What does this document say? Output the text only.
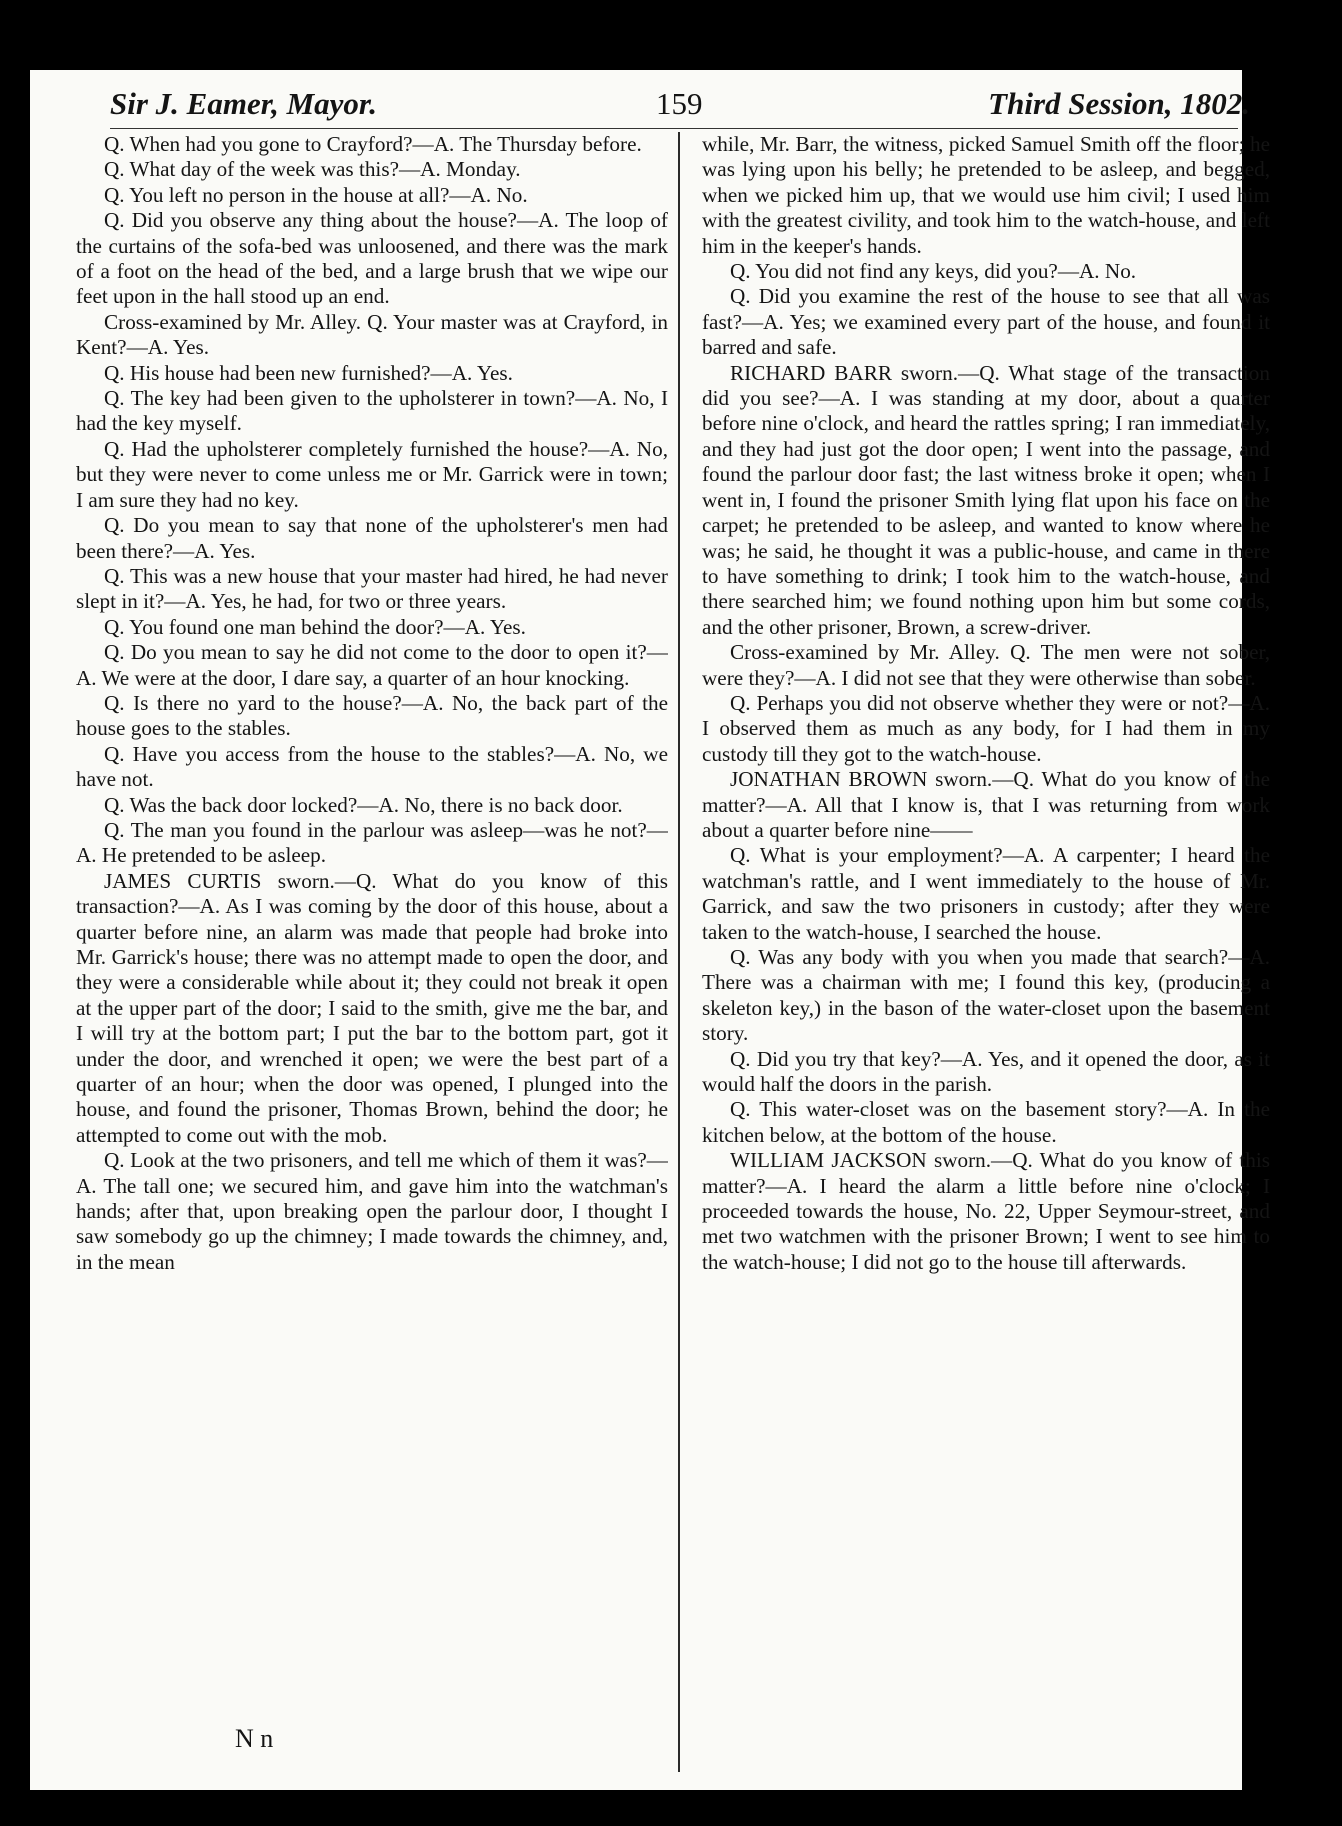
Sir J. Eamer, Mayor.	159	Third Session, 1802.

Q. When had you gone to Crayford?—A. The Thursday before.

Q. What day of the week was this?—A. Monday.

Q. You left no person in the house at all?—A. No.

Q. Did you observe any thing about the house?—A. The loop of the curtains of the sofa-bed was unloosened, and there was the mark of a foot on the head of the bed, and a large brush that we wipe our feet upon in the hall stood up an end.

Cross-examined by Mr. Alley. Q. Your master was at Crayford, in Kent?—A. Yes.

Q. His house had been new furnished?—A. Yes.

Q. The key had been given to the upholsterer in town?—A. No, I had the key myself.

Q. Had the upholsterer completely furnished the house?—A. No, but they were never to come unless me or Mr. Garrick were in town; I am sure they had no key.

Q. Do you mean to say that none of the upholsterer's men had been there?—A. Yes.

Q. This was a new house that your master had hired, he had never slept in it?—A. Yes, he had, for two or three years.

Q. You found one man behind the door?—A. Yes.

Q. Do you mean to say he did not come to the door to open it?—A. We were at the door, I dare say, a quarter of an hour knocking.

Q. Is there no yard to the house?—A. No, the back part of the house goes to the stables.

Q. Have you access from the house to the stables?—A. No, we have not.

Q. Was the back door locked?—A. No, there is no back door.

Q. The man you found in the parlour was asleep—was he not?—A. He pretended to be asleep.

JAMES CURTIS sworn.—Q. What do you know of this transaction?—A. As I was coming by the door of this house, about a quarter before nine, an alarm was made that people had broke into Mr. Garrick's house; there was no attempt made to open the door, and they were a considerable while about it; they could not break it open at the upper part of the door; I said to the smith, give me the bar, and I will try at the bottom part; I put the bar to the bottom part, got it under the door, and wrenched it open; we were the best part of a quarter of an hour; when the door was opened, I plunged into the house, and found the prisoner, Thomas Brown, behind the door; he attempted to come out with the mob.

Q. Look at the two prisoners, and tell me which of them it was?—A. The tall one; we secured him, and gave him into the watchman's hands; after that, upon breaking open the parlour door, I thought I saw somebody go up the chimney; I made towards the chimney, and, in the mean

while, Mr. Barr, the witness, picked Samuel Smith off the floor; he was lying upon his belly; he pretended to be asleep, and begged, when we picked him up, that we would use him civil; I used him with the greatest civility, and took him to the watch-house, and left him in the keeper's hands.

Q. You did not find any keys, did you?—A. No.

Q. Did you examine the rest of the house to see that all was fast?—A. Yes; we examined every part of the house, and found it barred and safe.

RICHARD BARR sworn.—Q. What stage of the transaction did you see?—A. I was standing at my door, about a quarter before nine o'clock, and heard the rattles spring; I ran immediately, and they had just got the door open; I went into the passage, and found the parlour door fast; the last witness broke it open; when I went in, I found the prisoner Smith lying flat upon his face on the carpet; he pretended to be asleep, and wanted to know where he was; he said, he thought it was a public-house, and came in there to have something to drink; I took him to the watch-house, and there searched him; we found nothing upon him but some cords, and the other prisoner, Brown, a screw-driver.

Cross-examined by Mr. Alley. Q. The men were not sober, were they?—A. I did not see that they were otherwise than sober.

Q. Perhaps you did not observe whether they were or not?—A. I observed them as much as any body, for I had them in my custody till they got to the watch-house.

JONATHAN BROWN sworn.—Q. What do you know of the matter?—A. All that I know is, that I was returning from work about a quarter before nine——

Q. What is your employment?—A. A carpenter; I heard the watchman's rattle, and I went immediately to the house of Mr. Garrick, and saw the two prisoners in custody; after they were taken to the watch-house, I searched the house.

Q. Was any body with you when you made that search?—A. There was a chairman with me; I found this key, (producing a skeleton key,) in the bason of the water-closet upon the basement story.

Q. Did you try that key?—A. Yes, and it opened the door, as it would half the doors in the parish.

Q. This water-closet was on the basement story?—A. In the kitchen below, at the bottom of the house.

WILLIAM JACKSON sworn.—Q. What do you know of this matter?—A. I heard the alarm a little before nine o'clock; I proceeded towards the house, No. 22, Upper Seymour-street, and met two watchmen with the prisoner Brown; I went to see him to the watch-house; I did not go to the house till afterwards.

N n
